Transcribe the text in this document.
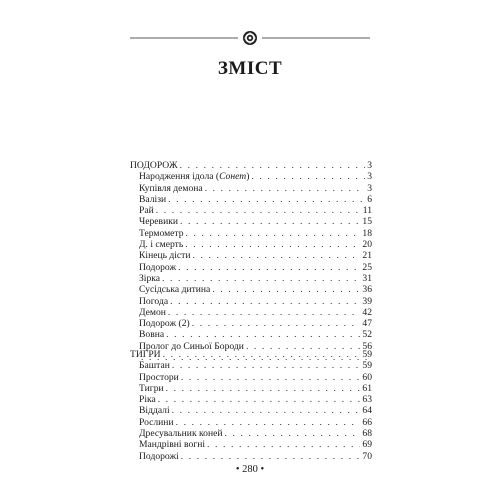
ЗМІСТ
ПОДОРОЖ . . .	3
Народження ідола (Сонет) . . .	3
Купівля демона . . .	3
Валізи . . .	6
Рай . . .	11
Черевики . . .	15
Термометр . . .	18
Д. і смерть . . .	20
Кінець дісти . . .	21
Подорож . . .	25
Зірка . . .	31
Сусідська дитина . . .	36
Погода . . .	39
Демон . . .	42
Подорож (2) . . .	47
Вовна . . .	52
Пролог до Синьої Бороди . . .	56
. . .
ТИГРИ . . .	59
Баштан . . .	59
Простори . . .	60
Тигри . . .	61
Ріка . . .	63
Віддалі . . .	64
Рослини . . .	66
Дресувальник коней . . .	68
Мандрівні вогні . . .	69
Подорожі . . .	70
• 280 •
